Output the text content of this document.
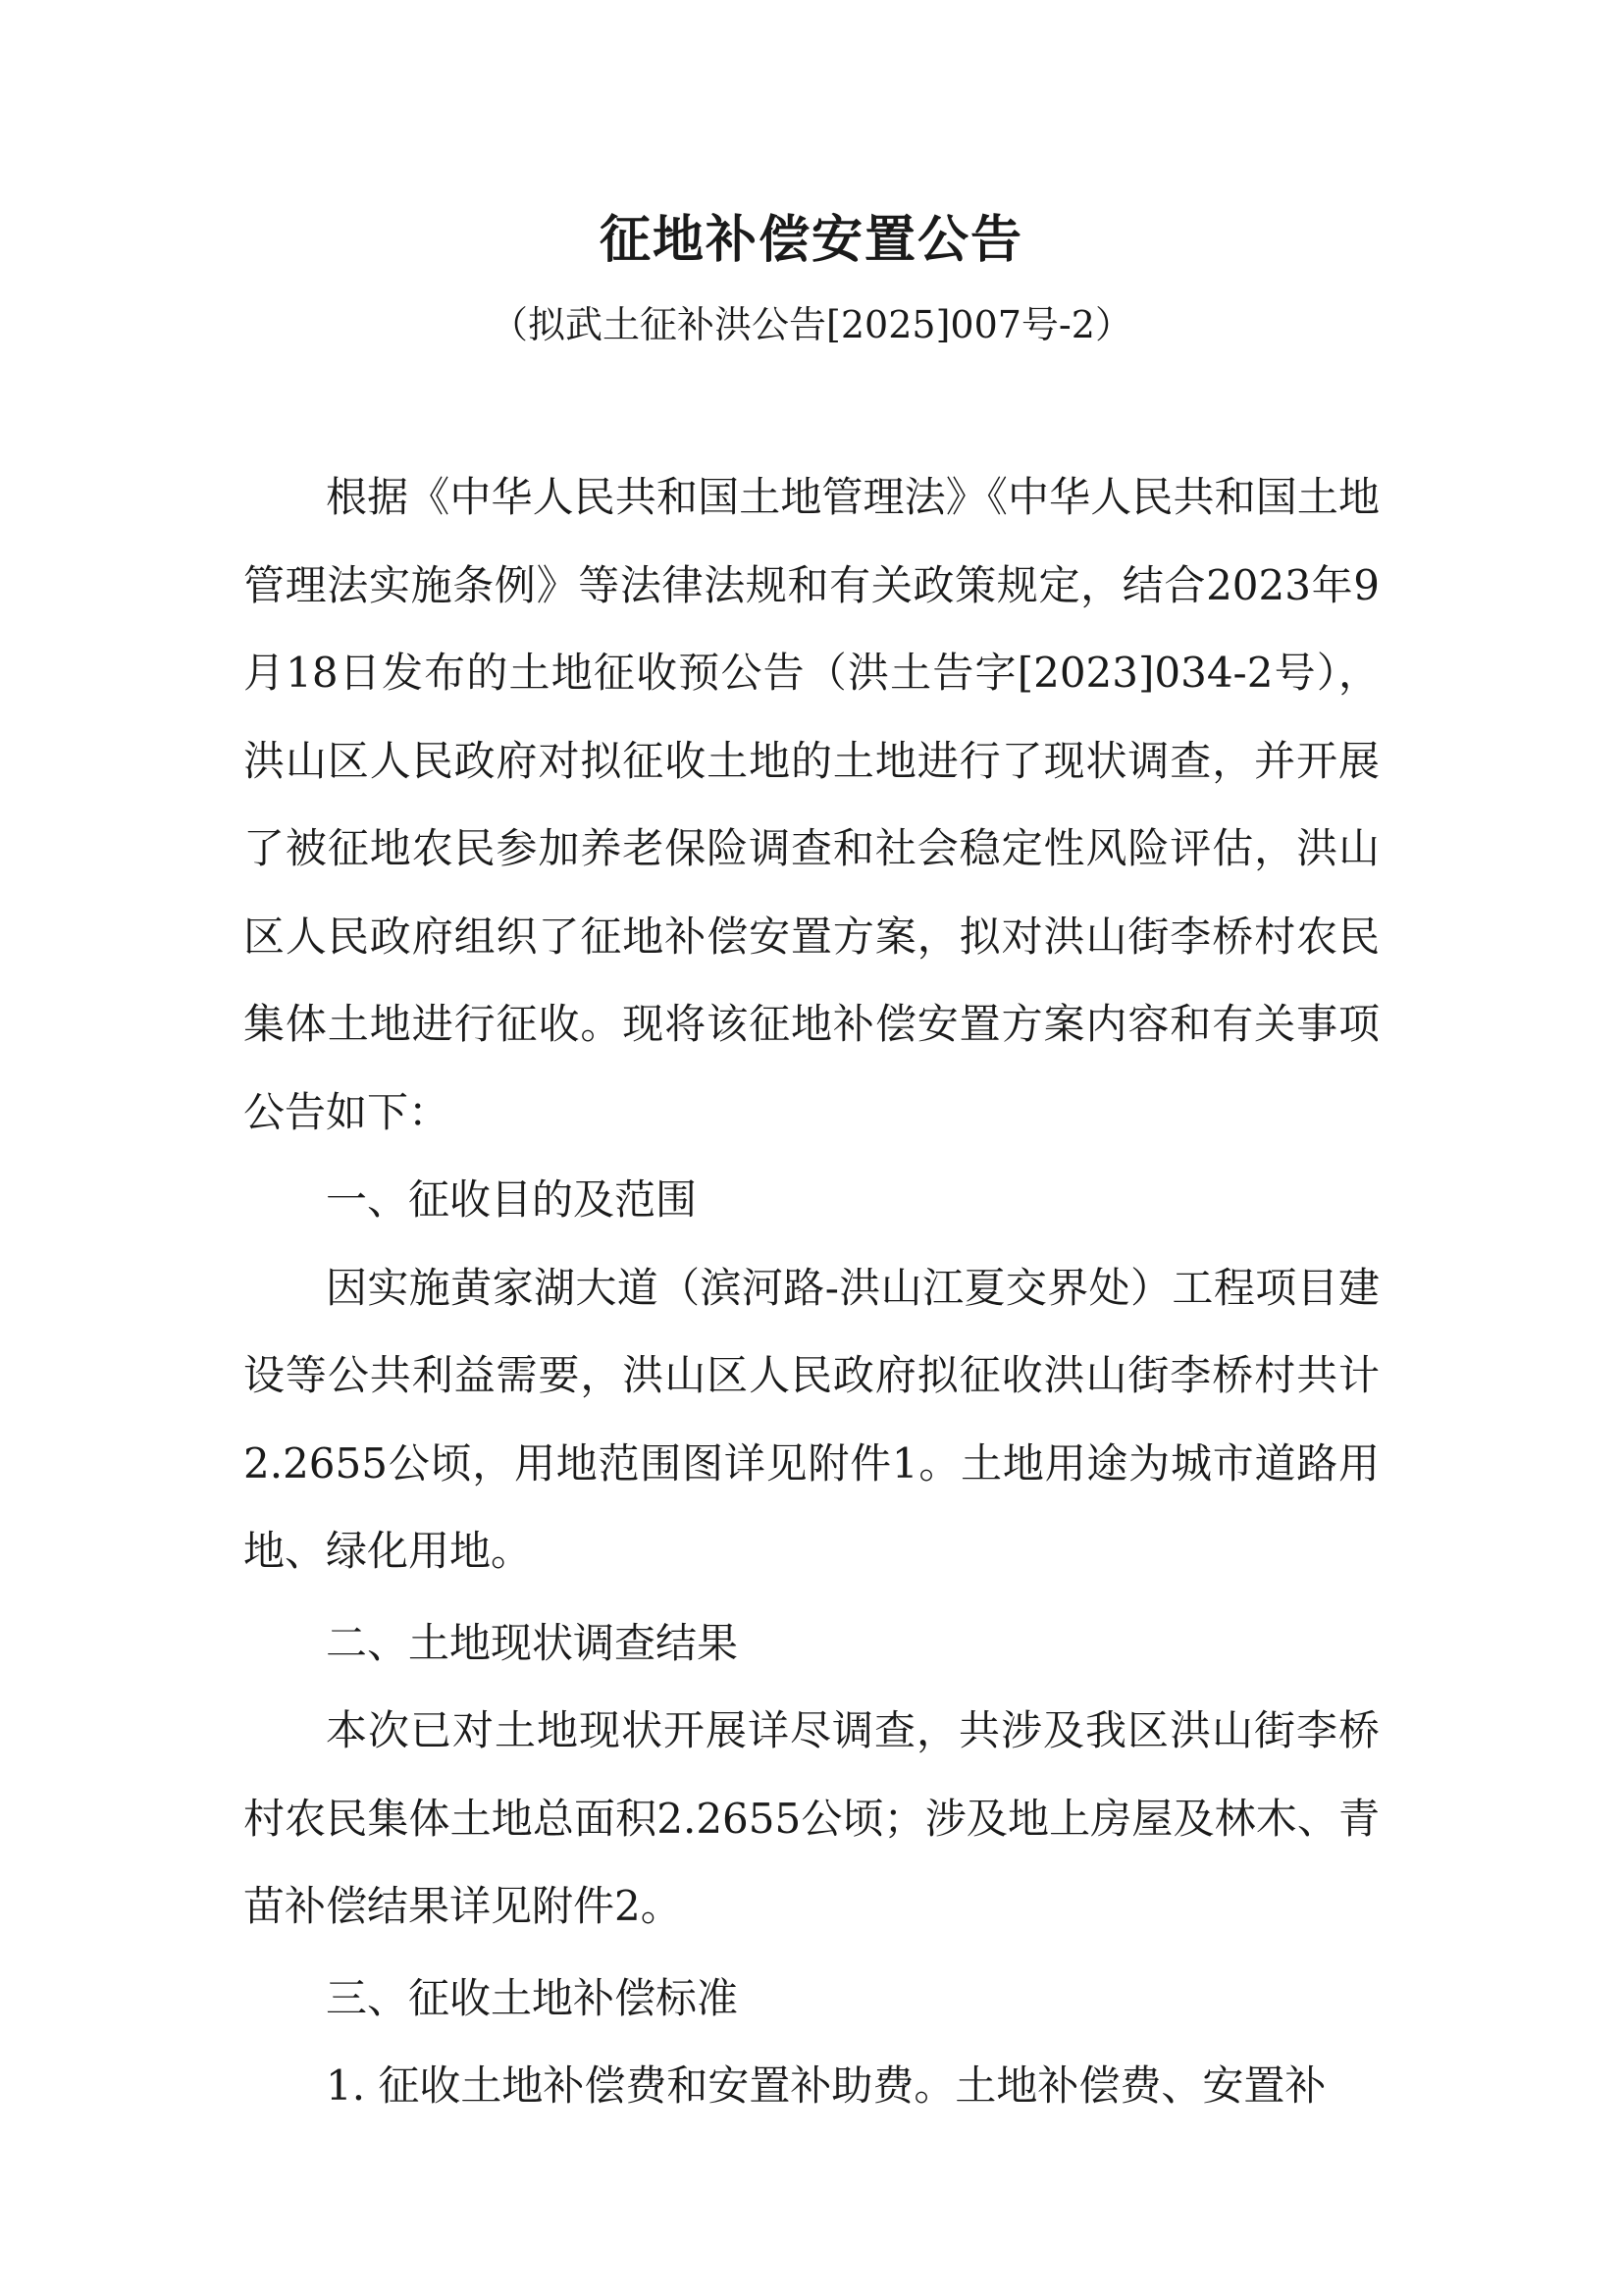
征地补偿安置公告
（拟武土征补洪公告[2025]007号-2）

根据《中华人民共和国土地管理法》《中华人民共和国土地管理法实施条例》等法律法规和有关政策规定，结合2023年9月18日发布的土地征收预公告（洪土告字[2023]034-2号），洪山区人民政府对拟征收土地的土地进行了现状调查，并开展了被征地农民参加养老保险调查和社会稳定性风险评估，洪山区人民政府组织了征地补偿安置方案，拟对洪山街李桥村农民集体土地进行征收。现将该征地补偿安置方案内容和有关事项公告如下：

一、征收目的及范围

因实施黄家湖大道（滨河路-洪山江夏交界处）工程项目建设等公共利益需要，洪山区人民政府拟征收洪山街李桥村共计2.2655公顷，用地范围图详见附件1。土地用途为城市道路用地、绿化用地。

二、土地现状调查结果

本次已对土地现状开展详尽调查，共涉及我区洪山街李桥村农民集体土地总面积2.2655公顷；涉及地上房屋及林木、青苗补偿结果详见附件2。

三、征收土地补偿标准

1. 征收土地补偿费和安置补助费。土地补偿费、安置补
